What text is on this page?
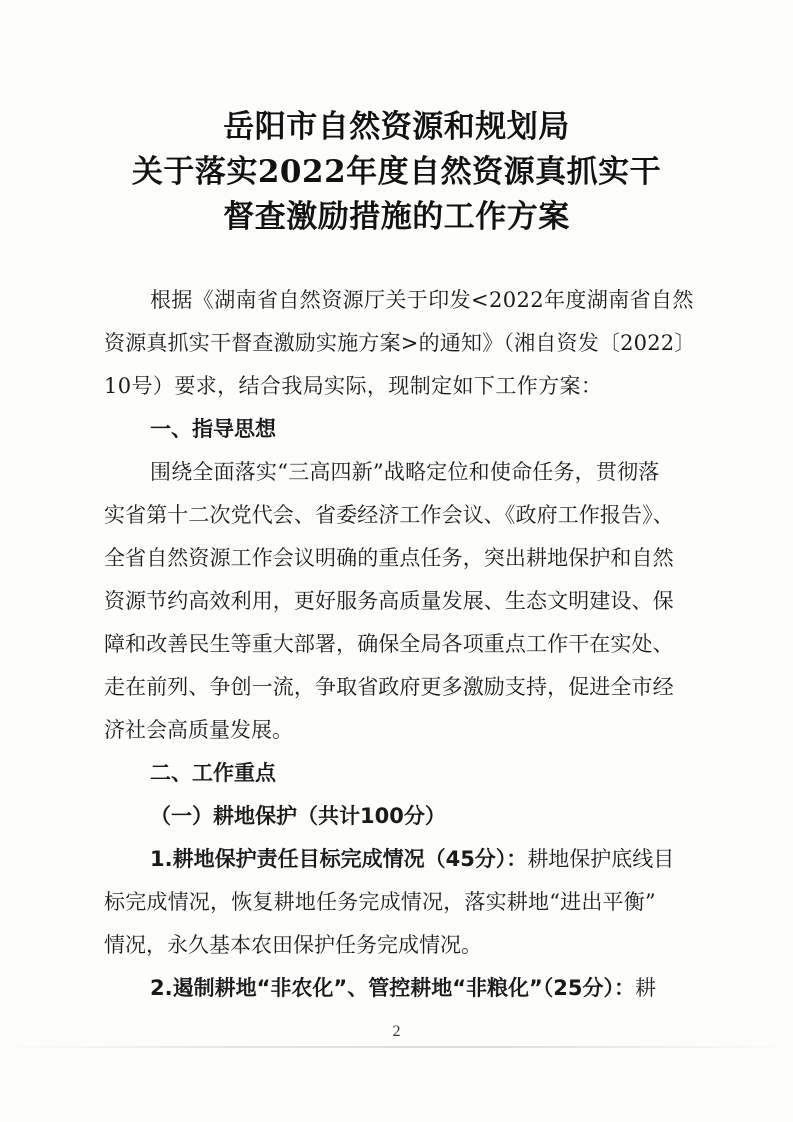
岳阳市自然资源和规划局
关于落实2022年度自然资源真抓实干
督查激励措施的工作方案
根据《湖南省自然资源厅关于印发<2022年度湖南省自然
资源真抓实干督查激励实施方案>的通知》（湘自资发〔2022〕
10号）要求，结合我局实际，现制定如下工作方案：
一、指导思想
围绕全面落实“三高四新”战略定位和使命任务，贯彻落
实省第十二次党代会、省委经济工作会议、《政府工作报告》、
全省自然资源工作会议明确的重点任务，突出耕地保护和自然
资源节约高效利用，更好服务高质量发展、生态文明建设、保
障和改善民生等重大部署，确保全局各项重点工作干在实处、
走在前列、争创一流，争取省政府更多激励支持，促进全市经
济社会高质量发展。
二、工作重点
（一）耕地保护（共计100分）
1.耕地保护责任目标完成情况（45分）：耕地保护底线目
标完成情况，恢复耕地任务完成情况，落实耕地“进出平衡”
情况，永久基本农田保护任务完成情况。
2.遏制耕地“非农化”、管控耕地“非粮化”（25分）：耕
2
